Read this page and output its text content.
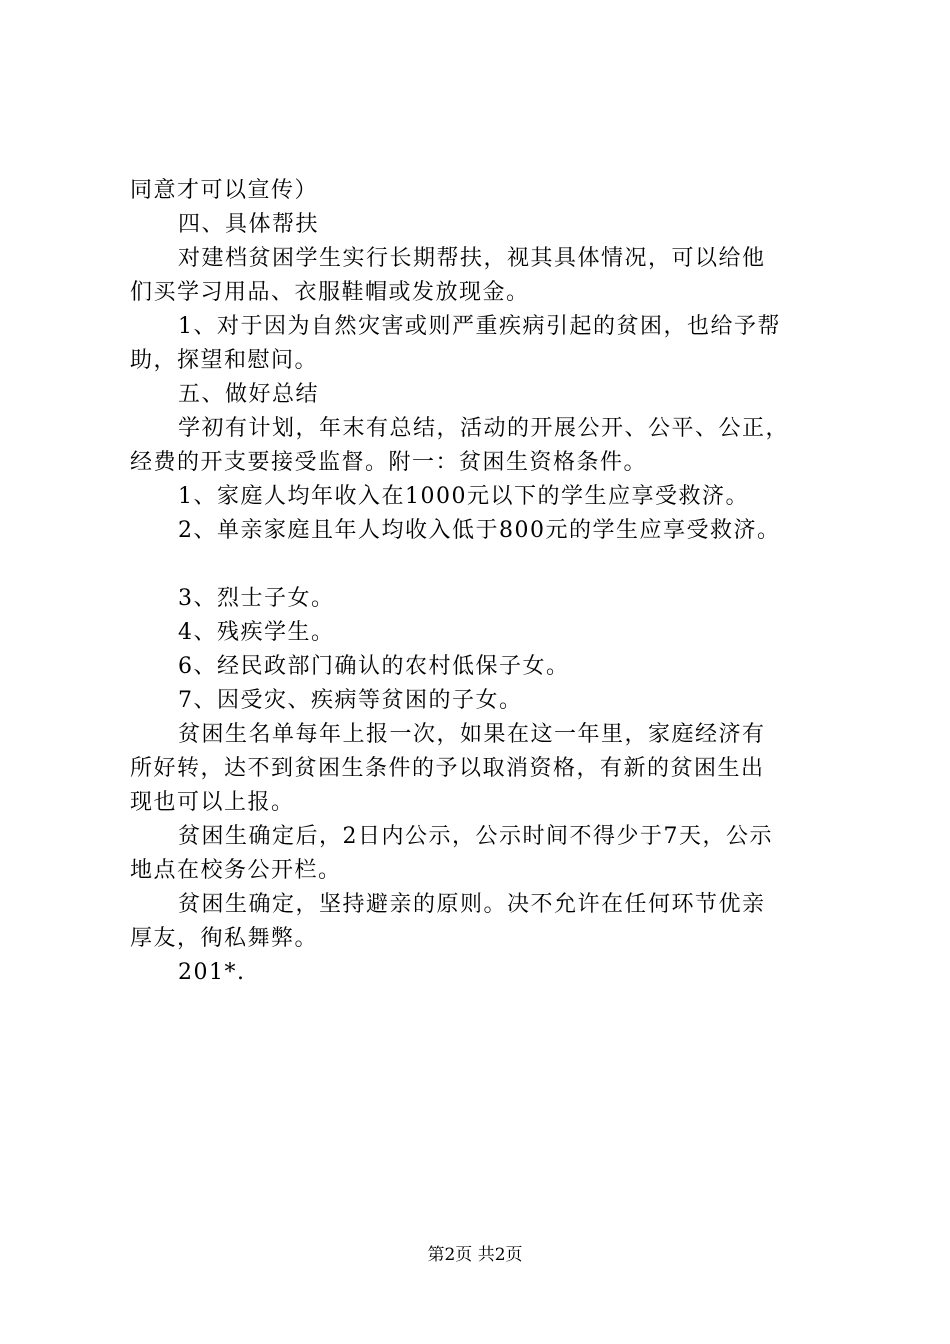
同意才可以宣传）
四、具体帮扶
对建档贫困学生实行长期帮扶，视其具体情况，可以给他
们买学习用品、衣服鞋帽或发放现金。
1、对于因为自然灾害或则严重疾病引起的贫困，也给予帮
助，探望和慰问。
五、做好总结
学初有计划，年末有总结，活动的开展公开、公平、公正，
经费的开支要接受监督。附一：贫困生资格条件。
1、家庭人均年收入在1000元以下的学生应享受救济。
2、单亲家庭且年人均收入低于800元的学生应享受救济。
3、烈士子女。
4、残疾学生。
6、经民政部门确认的农村低保子女。
7、因受灾、疾病等贫困的子女。
贫困生名单每年上报一次，如果在这一年里，家庭经济有
所好转，达不到贫困生条件的予以取消资格，有新的贫困生出
现也可以上报。
贫困生确定后，2日内公示，公示时间不得少于7天，公示
地点在校务公开栏。
贫困生确定，坚持避亲的原则。决不允许在任何环节优亲
厚友，徇私舞弊。
201*.
第2页 共2页
